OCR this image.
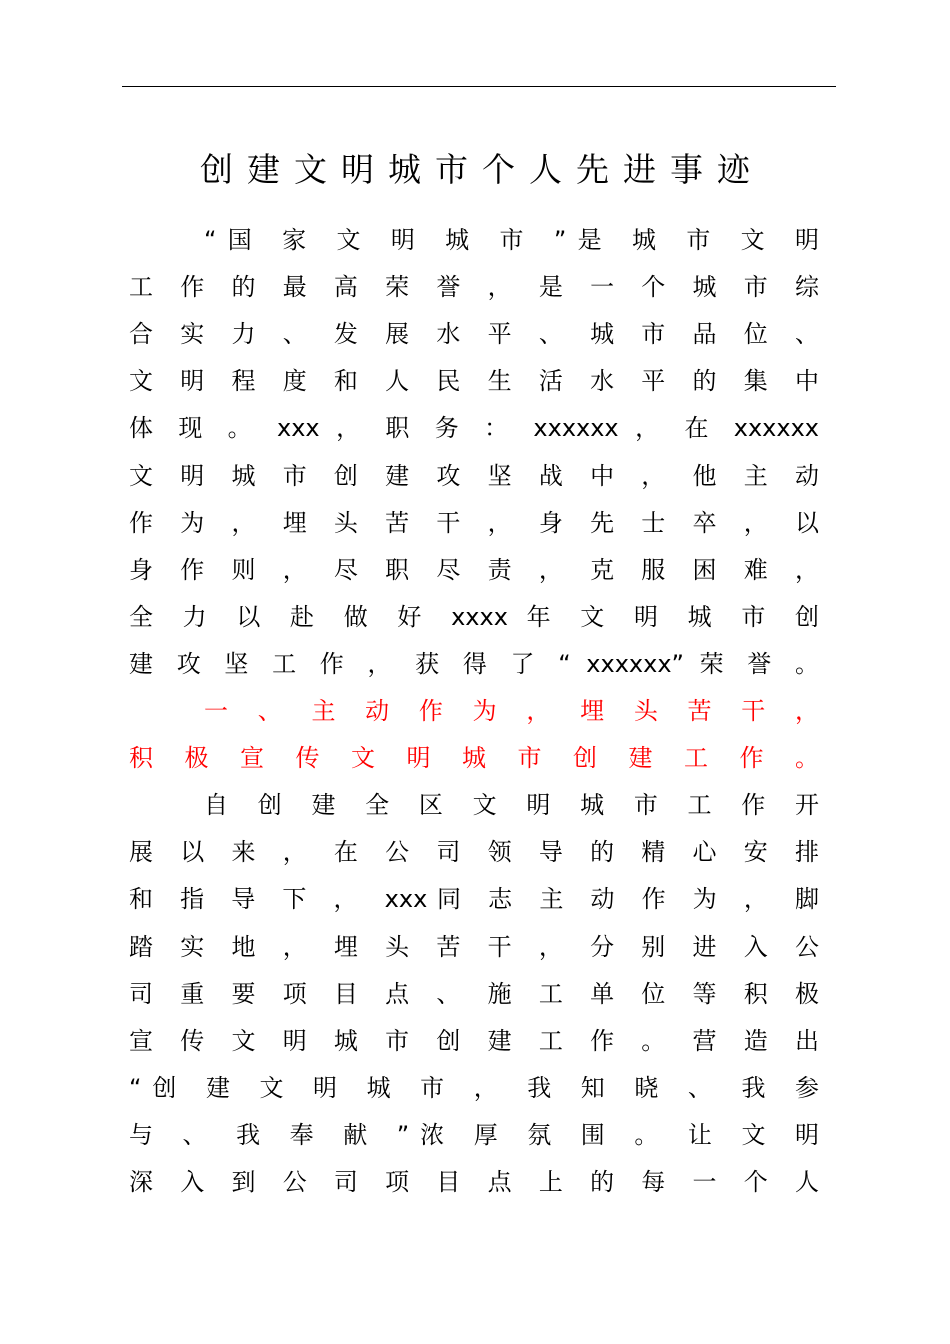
创建文明城市个人先进事迹
“国 家 文 明 城 市 ”是 城 市 文 明
工 作 的 最 高 荣 誉 ， 是 一 个 城 市 综
合 实 力 、 发 展 水 平 、 城 市 品 位 、
文 明 程 度 和 人 民 生 活 水 平 的 集 中
体 现 。 xxx ， 职 务 ： xxxxxx ， 在 xxxxxx
文 明 城 市 创 建 攻 坚 战 中 ， 他 主 动
作 为 ， 埋 头 苦 干 ， 身 先 士 卒 ， 以
身 作 则 ， 尽 职 尽 责 ， 克 服 困 难 ，
全 力 以 赴 做 好 xxxx 年 文 明 城 市 创
建 攻 坚 工 作 ， 获 得 了 “ xxxxxx” 荣 誉 。
一 、 主 动 作 为 ， 埋 头 苦 干 ，
积 极 宣 传 文 明 城 市 创 建 工 作 。
自 创 建 全 区 文 明 城 市 工 作 开
展 以 来 ， 在 公 司 领 导 的 精 心 安 排
和 指 导 下 ， xxx同 志 主 动 作 为 ， 脚
踏 实 地 ， 埋 头 苦 干 ， 分 别 进 入 公
司 重 要 项 目 点 、 施 工 单 位 等 积 极
宣 传 文 明 城 市 创 建 工 作 。 营 造 出
“创 建 文 明 城 市 ， 我 知 晓 、 我 参
与 、 我 奉 献 ”浓 厚 氛 围 。 让 文 明
深 入 到 公 司 项 目 点 上 的 每 一 个 人
